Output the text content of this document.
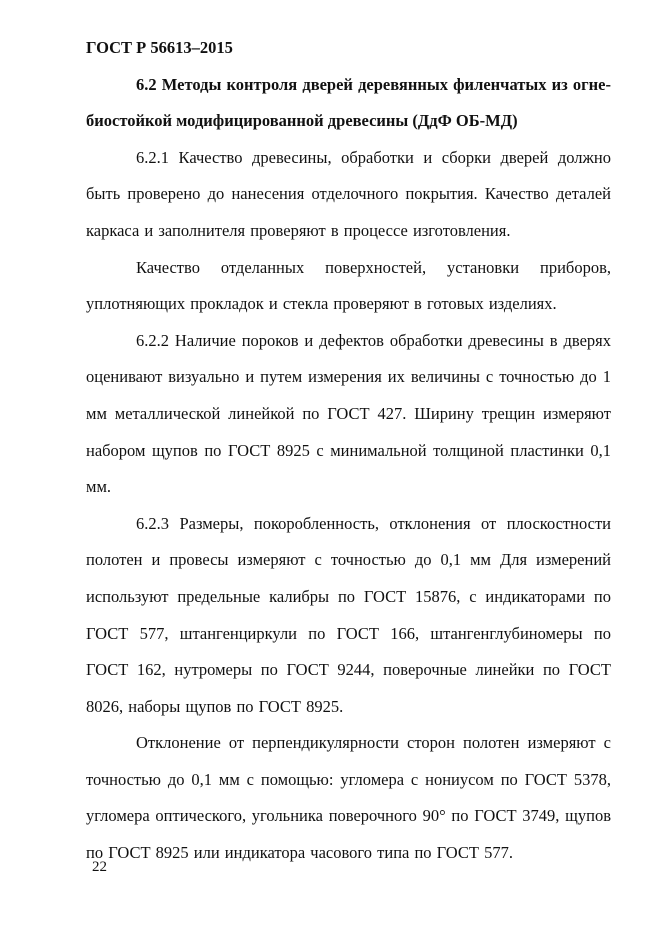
ГОСТ Р 56613–2015
6.2 Методы контроля дверей деревянных филенчатых из огне-
биостойкой модифицированной древесины (ДдФ ОБ-МД)

6.2.1 Качество древесины, обработки и сборки дверей должно быть проверено до нанесения отделочного покрытия. Качество деталей каркаса и заполнителя проверяют в процессе изготовления.

Качество отделанных поверхностей, установки приборов, уплотняющих прокладок и стекла проверяют в готовых изделиях.

6.2.2 Наличие пороков и дефектов обработки древесины в дверях оценивают визуально и путем измерения их величины с точностью до 1 мм металлической линейкой по ГОСТ 427. Ширину трещин измеряют набором щупов по ГОСТ 8925 с минимальной толщиной пластинки 0,1 мм.

6.2.3 Размеры, покоробленность, отклонения от плоскостности полотен и провесы измеряют с точностью до 0,1 мм Для измерений используют предельные калибры по ГОСТ 15876, с индикаторами по ГОСТ 577, штангенциркули по ГОСТ 166, штангенглубиномеры по ГОСТ 162, нутромеры по ГОСТ 9244, поверочные линейки по ГОСТ 8026, наборы щупов по ГОСТ 8925.

Отклонение от перпендикулярности сторон полотен измеряют с точностью до 0,1 мм с помощью: угломера с нониусом по ГОСТ 5378, угломера оптического, угольника поверочного 90° по ГОСТ 3749, щупов по ГОСТ 8925 или индикатора часового типа по ГОСТ 577.

22
